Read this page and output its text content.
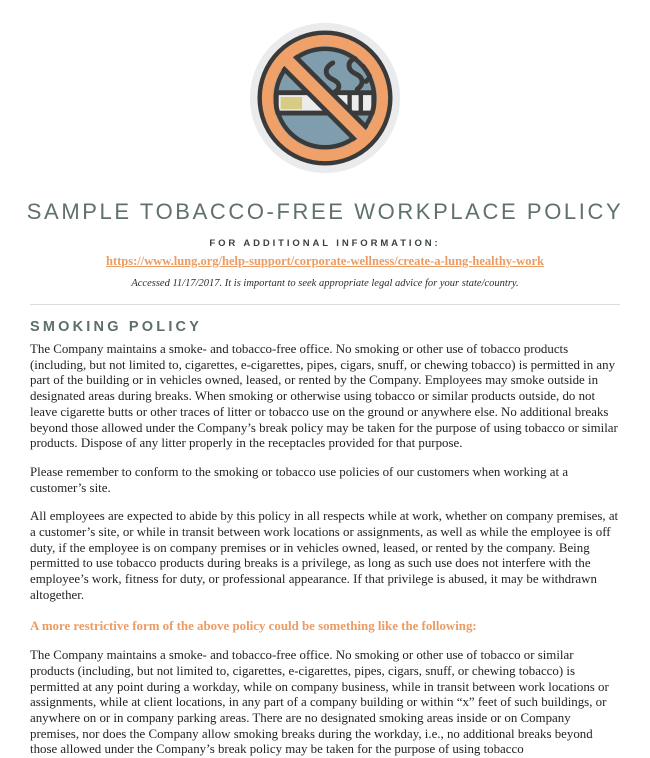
SAMPLE TOBACCO-FREE WORKPLACE POLICY
FOR ADDITIONAL INFORMATION:
https://www.lung.org/help-support/corporate-wellness/create-a-lung-healthy-work
Accessed 11/17/2017. It is important to seek appropriate legal advice for your state/country.
SMOKING POLICY

The Company maintains a smoke- and tobacco-free office. No smoking or other use of tobacco products (including, but not limited to, cigarettes, e-cigarettes, pipes, cigars, snuff, or chewing tobacco) is permitted in any part of the building or in vehicles owned, leased, or rented by the Company. Employees may smoke outside in designated areas during breaks. When smoking or otherwise using tobacco or similar products outside, do not leave cigarette butts or other traces of litter or tobacco use on the ground or anywhere else. No additional breaks beyond those allowed under the Company’s break policy may be taken for the purpose of using tobacco or similar products. Dispose of any litter properly in the receptacles provided for that purpose.

Please remember to conform to the smoking or tobacco use policies of our customers when working at a customer’s site.

All employees are expected to abide by this policy in all respects while at work, whether on company premises, at a customer’s site, or while in transit between work locations or assignments, as well as while the employee is off duty, if the employee is on company premises or in vehicles owned, leased, or rented by the company. Being permitted to use tobacco products during breaks is a privilege, as long as such use does not interfere with the employee’s work, fitness for duty, or professional appearance. If that privilege is abused, it may be withdrawn altogether.

A more restrictive form of the above policy could be something like the following:

The Company maintains a smoke- and tobacco-free office. No smoking or other use of tobacco or similar products (including, but not limited to, cigarettes, e-cigarettes, pipes, cigars, snuff, or chewing tobacco) is permitted at any point during a workday, while on company business, while in transit between work locations or assignments, while at client locations, in any part of a company building or within “x” feet of such buildings, or anywhere on or in company parking areas. There are no designated smoking areas inside or on Company premises, nor does the Company allow smoking breaks during the workday, i.e., no additional breaks beyond those allowed under the Company’s break policy may be taken for the purpose of using tobacco
